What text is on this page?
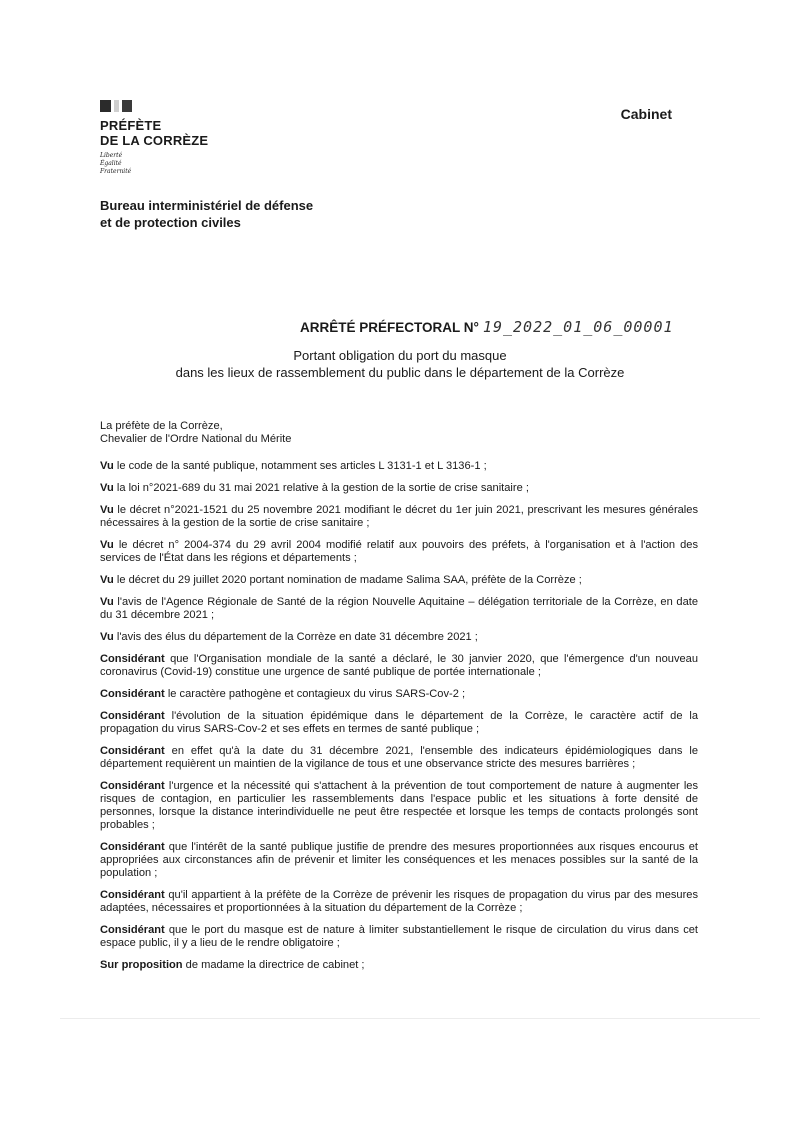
PRÉFÈTE
DE LA CORRÈZE
Liberté
Égalité
Fraternité
Cabinet
Bureau interministériel de défense
et de protection civiles
ARRÊTÉ PRÉFECTORAL N° 19_2022_01_06_00001
Portant obligation du port du masque
dans les lieux de rassemblement du public dans le département de la Corrèze
La préfète de la Corrèze,
Chevalier de l'Ordre National du Mérite

Vu le code de la santé publique, notamment ses articles L 3131-1 et L 3136-1 ;

Vu la loi n°2021-689 du 31 mai 2021 relative à la gestion de la sortie de crise sanitaire ;

Vu le décret n°2021-1521 du 25 novembre 2021 modifiant le décret du 1er juin 2021, prescrivant les mesures générales nécessaires à la gestion de la sortie de crise sanitaire ;

Vu le décret n° 2004-374 du 29 avril 2004 modifié relatif aux pouvoirs des préfets, à l'organisation et à l'action des services de l'État dans les régions et départements ;

Vu le décret du 29 juillet 2020 portant nomination de madame Salima SAA, préfète de la Corrèze ;

Vu l'avis de l'Agence Régionale de Santé de la région Nouvelle Aquitaine – délégation territoriale de la Corrèze, en date du 31 décembre 2021 ;

Vu l'avis des élus du département de la Corrèze en date 31 décembre 2021 ;

Considérant que l'Organisation mondiale de la santé a déclaré, le 30 janvier 2020, que l'émergence d'un nouveau coronavirus (Covid-19) constitue une urgence de santé publique de portée internationale ;

Considérant le caractère pathogène et contagieux du virus SARS-Cov-2 ;

Considérant l'évolution de la situation épidémique dans le département de la Corrèze, le caractère actif de la propagation du virus SARS-Cov-2 et ses effets en termes de santé publique ;

Considérant en effet qu'à la date du 31 décembre 2021, l'ensemble des indicateurs épidémiologiques dans le département requièrent un maintien de la vigilance de tous et une observance stricte des mesures barrières ;

Considérant l'urgence et la nécessité qui s'attachent à la prévention de tout comportement de nature à augmenter les risques de contagion, en particulier les rassemblements dans l'espace public et les situations à forte densité de personnes, lorsque la distance interindividuelle ne peut être respectée et lorsque les temps de contacts prolongés sont probables ;

Considérant que l'intérêt de la santé publique justifie de prendre des mesures proportionnées aux risques encourus et appropriées aux circonstances afin de prévenir et limiter les conséquences et les menaces possibles sur la santé de la population ;

Considérant qu'il appartient à la préfète de la Corrèze de prévenir les risques de propagation du virus par des mesures adaptées, nécessaires et proportionnées à la situation du département de la Corrèze ;

Considérant que le port du masque est de nature à limiter substantiellement le risque de circulation du virus dans cet espace public, il y a lieu de le rendre obligatoire ;

Sur proposition de madame la directrice de cabinet ;
